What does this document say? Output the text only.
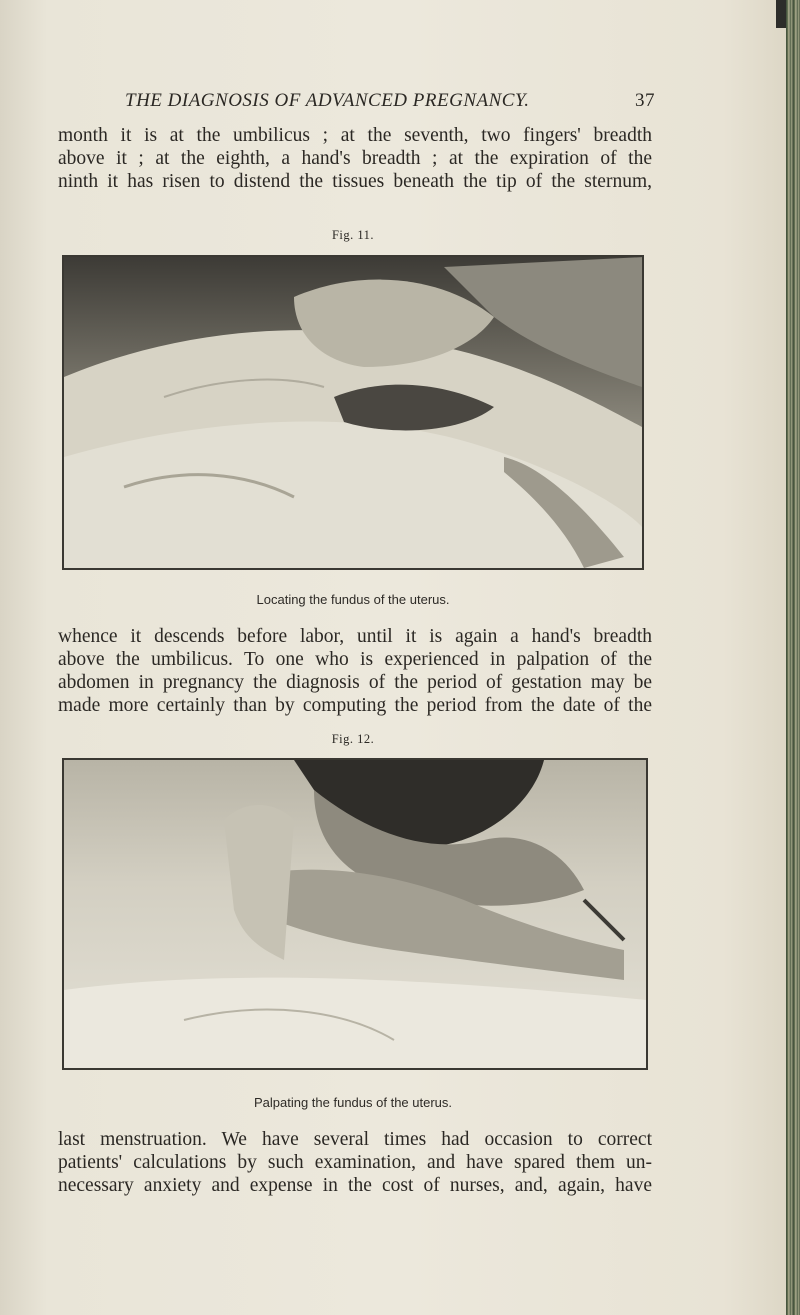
THE DIAGNOSIS OF ADVANCED PREGNANCY.	37
month it is at the umbilicus ; at the seventh, two fingers' breadth
above it ; at the eighth, a hand's breadth ; at the expiration of the
ninth it has risen to distend the tissues beneath the tip of the sternum,
Fig. 11.
Locating the fundus of the uterus.
whence it descends before labor, until it is again a hand's breadth
above the umbilicus. To one who is experienced in palpation of the
abdomen in pregnancy the diagnosis of the period of gestation may be
made more certainly than by computing the period from the date of the
Fig. 12.
Palpating the fundus of the uterus.
last menstruation. We have several times had occasion to correct
patients' calculations by such examination, and have spared them un-
necessary anxiety and expense in the cost of nurses, and, again, have
